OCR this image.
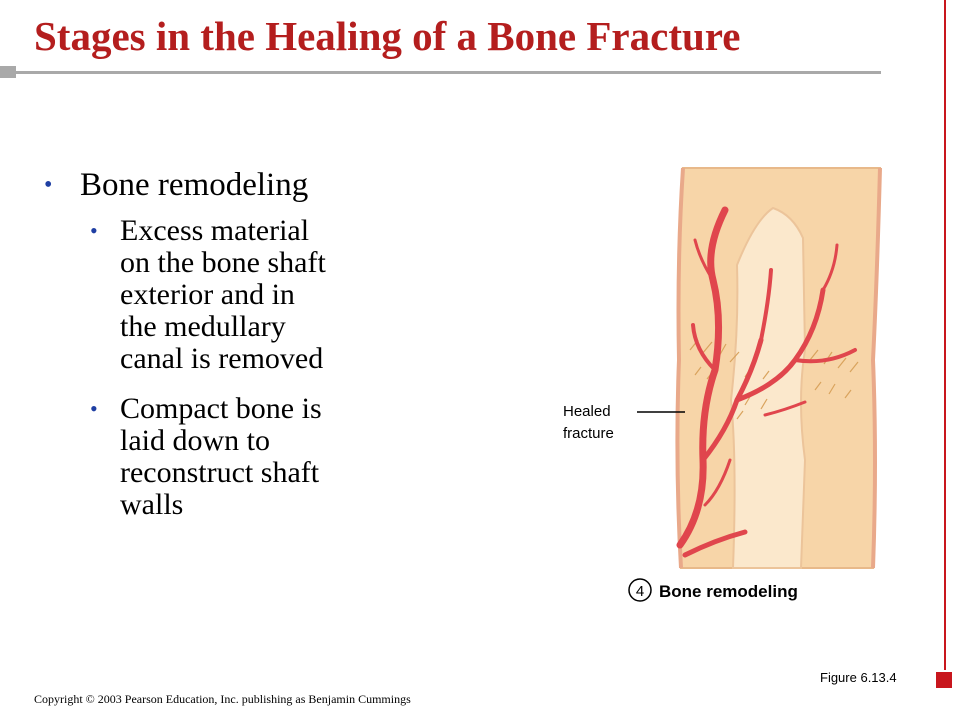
Stages in the Healing of a Bone Fracture

• Bone remodeling

• Excess material
on the bone shaft
exterior and in
the medullary
canal is removed
• Compact bone is
laid down to
reconstruct shaft
walls
Healed fracture
4 Bone remodeling
Figure 6.13.4
Copyright © 2003 Pearson Education, Inc. publishing as Benjamin Cummings
